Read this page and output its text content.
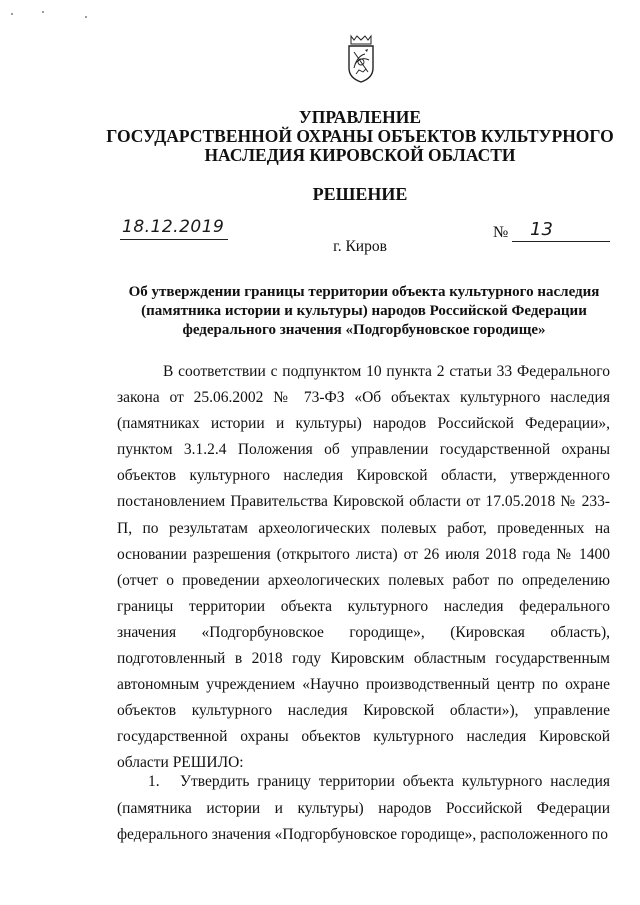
УПРАВЛЕНИЕ
ГОСУДАРСТВЕННОЙ ОХРАНЫ ОБЪЕКТОВ КУЛЬТУРНОГО
НАСЛЕДИЯ КИРОВСКОЙ ОБЛАСТИ
РЕШЕНИЕ
18.12.2019	№ 13
г. Киров
Об утверждении границы территории объекта культурного наследия
(памятника истории и культуры) народов Российской Федерации
федерального значения «Подгорбуновское городище»
В соответствии с подпунктом 10 пункта 2 статьи 33 Федерального закона от 25.06.2002 № 73-ФЗ «Об объектах культурного наследия (памятниках истории и культуры) народов Российской Федерации», пунктом 3.1.2.4 Положения об управлении государственной охраны объектов культурного наследия Кировской области, утвержденного постановлением Правительства Кировской области от 17.05.2018 № 233-П, по результатам археологических полевых работ, проведенных на основании разрешения (открытого листа) от 26 июля 2018 года № 1400 (отчет о проведении археологических полевых работ по определению границы территории объекта культурного наследия федерального значения «Подгорбуновское городище», (Кировская область), подготовленный в 2018 году Кировским областным государственным автономным учреждением «Научно производственный центр по охране объектов культурного наследия Кировской области»), управление государственной охраны объектов культурного наследия Кировской области РЕШИЛО:
1. Утвердить границу территории объекта культурного наследия (памятника истории и культуры) народов Российской Федерации федерального значения «Подгорбуновское городище», расположенного по
